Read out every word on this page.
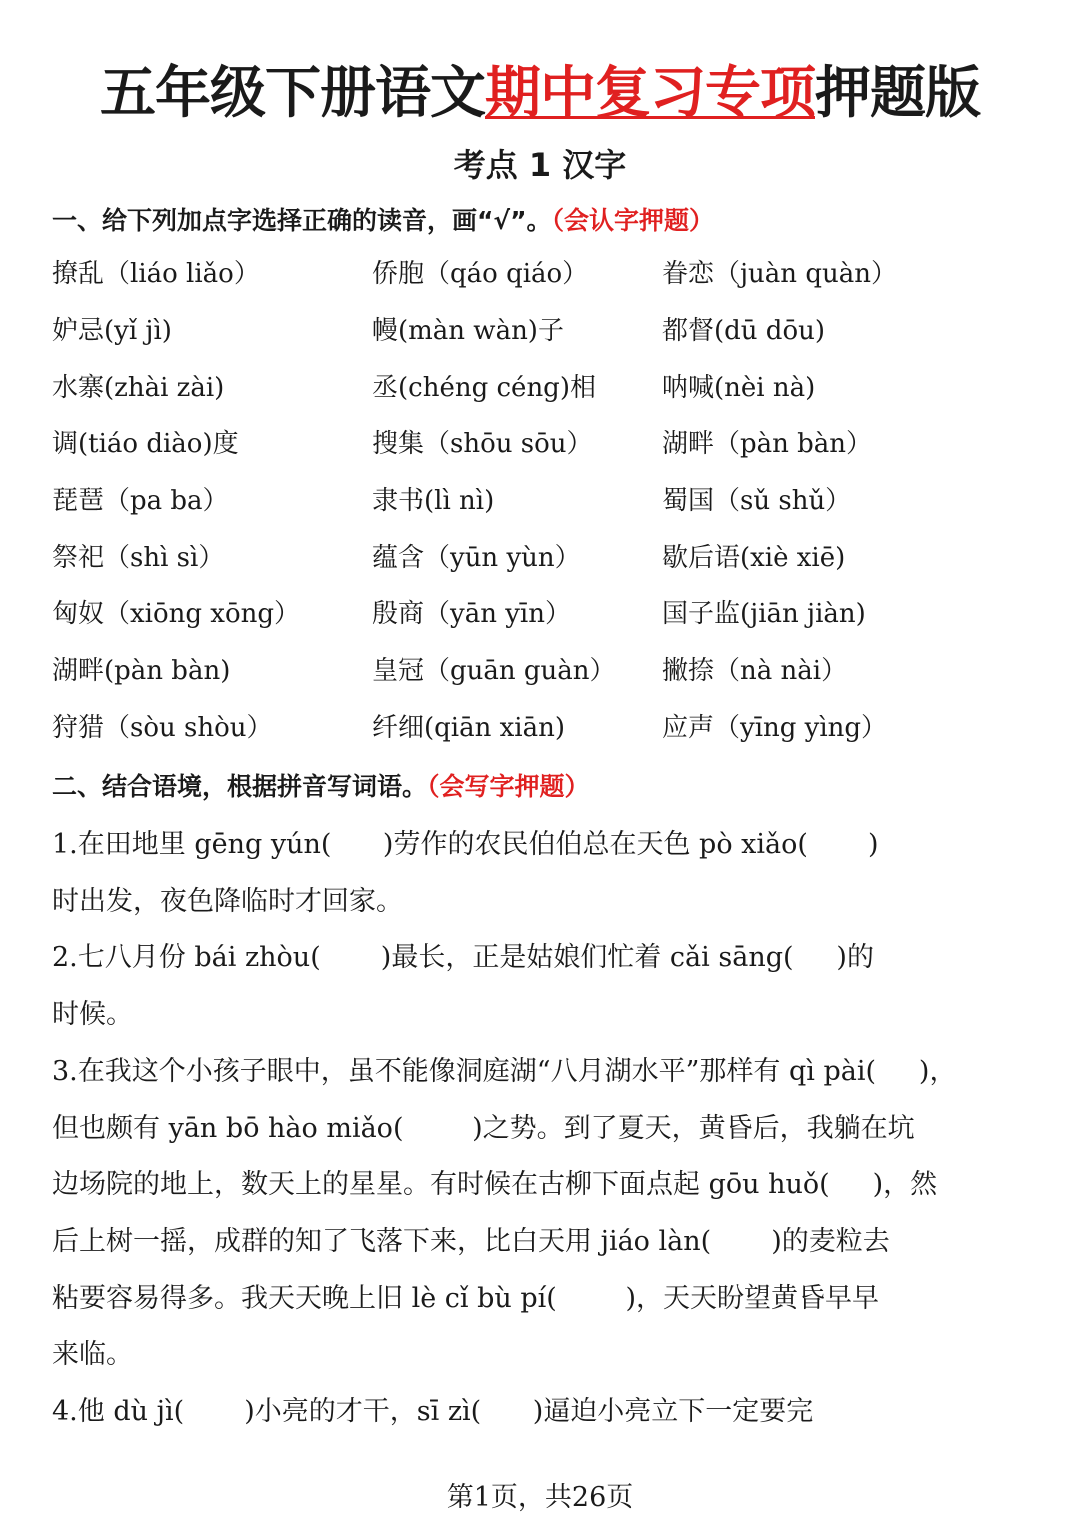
五年级下册语文期中复习专项押题版
考点 1 汉字
一、给下列加点字选择正确的读音，画“√”。（会认字押题）
撩乱（liáo liǎo）	侨胞（qáo qiáo）	眷恋（juàn quàn）
妒忌(yǐ jì)	幔(màn wàn)子	都督(dū dōu)
水寨(zhài zài)	丞(chéng céng)相	呐喊(nèi nà)
调(tiáo diào)度	搜集（shōu sōu）	湖畔（pàn bàn）
琵琶（pa ba）	隶书(lì nì)	蜀国（sǔ shǔ）
祭祀（shì sì）	蕴含（yūn yùn）	歇后语(xiè xiē)
匈奴（xiōng xōng）	殷商（yān yīn）	国子监(jiān jiàn)
湖畔(pàn bàn)	皇冠（guān guàn）	撇捺（nà nài）
狩猎（sòu shòu）	纤细(qiān xiān)	应声（yīng yìng）
二、结合语境，根据拼音写词语。（会写字押题）
1.在田地里 gēng yún(      )劳作的农民伯伯总在天色 pò xiǎo(       )
时出发，夜色降临时才回家。
2.七八月份 bái zhòu(       )最长，正是姑娘们忙着 cǎi sāng(     )的
时候。
3.在我这个小孩子眼中，虽不能像洞庭湖“八月湖水平”那样有 qì pài(     )，
但也颇有 yān bō hào miǎo(        )之势。到了夏天，黄昏后，我躺在坑
边场院的地上，数天上的星星。有时候在古柳下面点起 gōu huǒ(     )，然
后上树一摇，成群的知了飞落下来，比白天用 jiáo làn(       )的麦粒去
粘要容易得多。我天天晚上旧 lè cǐ bù pí(        )，天天盼望黄昏早早
来临。
4.他 dù jì(       )小亮的才干，sī zì(      )逼迫小亮立下一定要完
第1页，共26页
